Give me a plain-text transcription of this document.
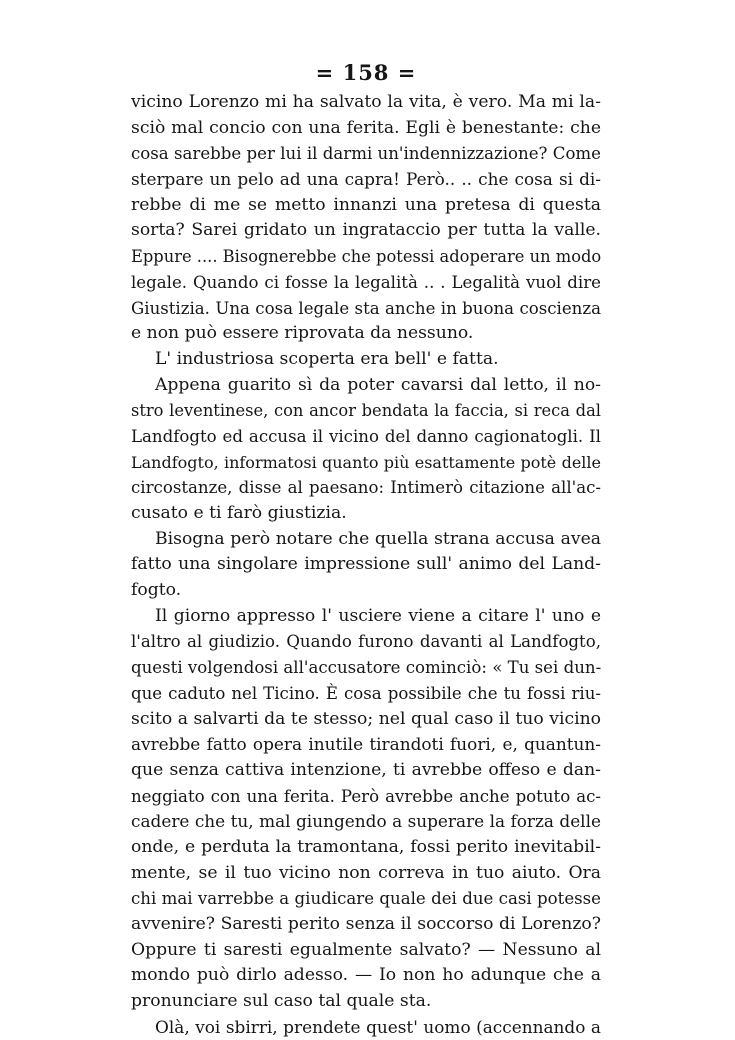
= 158 =
vicino Lorenzo mi ha salvato la vita, è vero. Ma mi la-
sciò mal concio con una ferita. Egli è benestante: che
cosa sarebbe per lui il darmi un'indennizzazione? Come
sterpare un pelo ad una capra! Però.. .. che cosa si di-
rebbe di me se metto innanzi una pretesa di questa
sorta? Sarei gridato un ingrataccio per tutta la valle.
Eppure .... Bisognerebbe che potessi adoperare un modo
legale. Quando ci fosse la legalità .. . Legalità vuol dire
Giustizia. Una cosa legale sta anche in buona coscienza
e non può essere riprovata da nessuno.
L' industriosa scoperta era bell' e fatta.
Appena guarito sì da poter cavarsi dal letto, il no-
stro leventinese, con ancor bendata la faccia, si reca dal
Landfogto ed accusa il vicino del danno cagionatogli. Il
Landfogto, informatosi quanto più esattamente potè delle
circostanze, disse al paesano: Intimerò citazione all'ac-
cusato e ti farò giustizia.
Bisogna però notare che quella strana accusa avea
fatto una singolare impressione sull' animo del Land-
fogto.
Il giorno appresso l' usciere viene a citare l' uno e
l'altro al giudizio. Quando furono davanti al Landfogto,
questi volgendosi all'accusatore cominciò: « Tu sei dun-
que caduto nel Ticino. È cosa possibile che tu fossi riu-
scito a salvarti da te stesso; nel qual caso il tuo vicino
avrebbe fatto opera inutile tirandoti fuori, e, quantun-
que senza cattiva intenzione, ti avrebbe offeso e dan-
neggiato con una ferita. Però avrebbe anche potuto ac-
cadere che tu, mal giungendo a superare la forza delle
onde, e perduta la tramontana, fossi perito inevitabil-
mente, se il tuo vicino non correva in tuo aiuto. Ora
chi mai varrebbe a giudicare quale dei due casi potesse
avvenire? Saresti perito senza il soccorso di Lorenzo?
Oppure ti saresti egualmente salvato? — Nessuno al
mondo può dirlo adesso. — Io non ho adunque che a
pronunciare sul caso tal quale sta.
Olà, voi sbirri, prendete quest' uomo (accennando a
